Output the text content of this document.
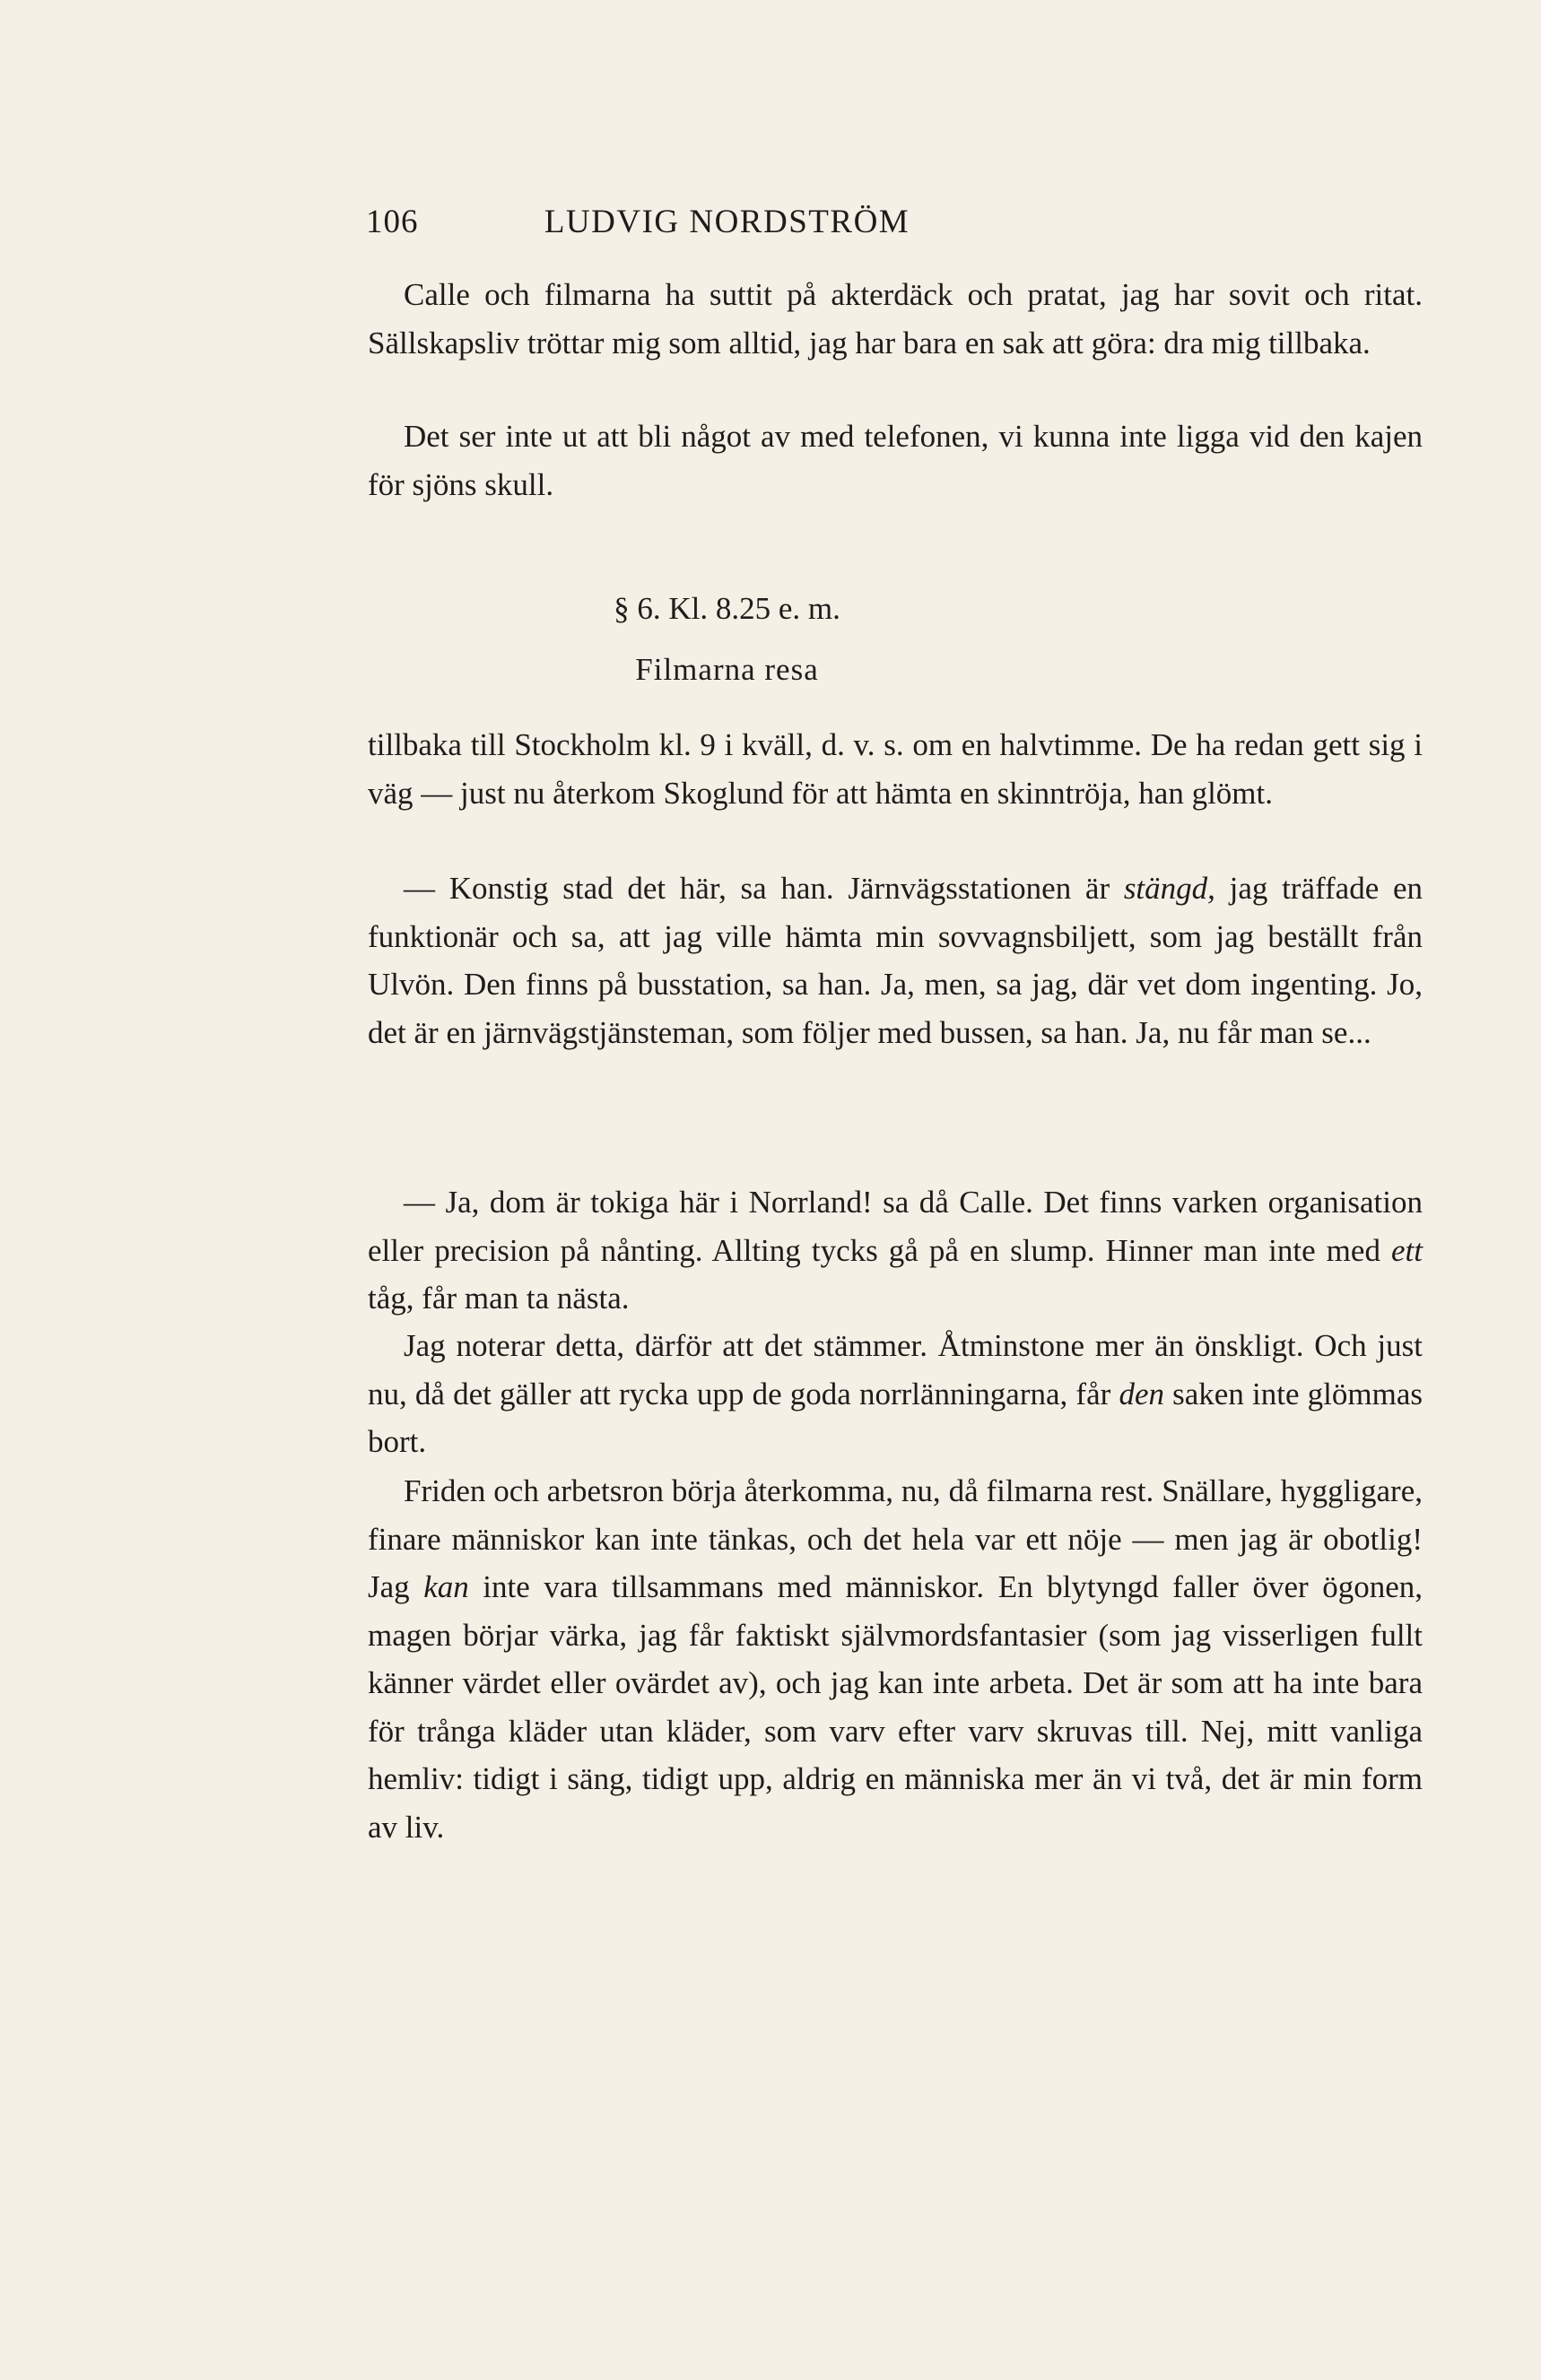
106	LUDVIG NORDSTRÖM

Calle och filmarna ha suttit på akterdäck och pratat, jag har sovit och ritat. Sällskapsliv tröttar mig som alltid, jag har bara en sak att göra: dra mig tillbaka.

Det ser inte ut att bli något av med telefonen, vi kunna inte ligga vid den kajen för sjöns skull.

§ 6. Kl. 8.25 e. m.
Filmarna resa

tillbaka till Stockholm kl. 9 i kväll, d. v. s. om en halvtimme. De ha redan gett sig i väg — just nu återkom Skoglund för att hämta en skinntröja, han glömt.

— Konstig stad det här, sa han. Järnvägsstationen är stängd, jag träffade en funktionär och sa, att jag ville hämta min sovvagnsbiljett, som jag beställt från Ulvön. Den finns på busstation, sa han. Ja, men, sa jag, där vet dom ingenting. Jo, det är en järnvägstjänsteman, som följer med bussen, sa han. Ja, nu får man se...

— Ja, dom är tokiga här i Norrland! sa då Calle. Det finns varken organisation eller precision på nånting. Allting tycks gå på en slump. Hinner man inte med ett tåg, får man ta nästa.

Jag noterar detta, därför att det stämmer. Åtminstone mer än önskligt. Och just nu, då det gäller att rycka upp de goda norrlänningarna, får den saken inte glömmas bort.

Friden och arbetsron börja återkomma, nu, då filmarna rest. Snällare, hyggligare, finare människor kan inte tänkas, och det hela var ett nöje — men jag är obotlig! Jag kan inte vara tillsammans med människor. En blytyngd faller över ögonen, magen börjar värka, jag får faktiskt självmordsfantasier (som jag visserligen fullt känner värdet eller ovärdet av), och jag kan inte arbeta. Det är som att ha inte bara för trånga kläder utan kläder, som varv efter varv skruvas till. Nej, mitt vanliga hemliv: tidigt i säng, tidigt upp, aldrig en människa mer än vi två, det är min form av liv.
